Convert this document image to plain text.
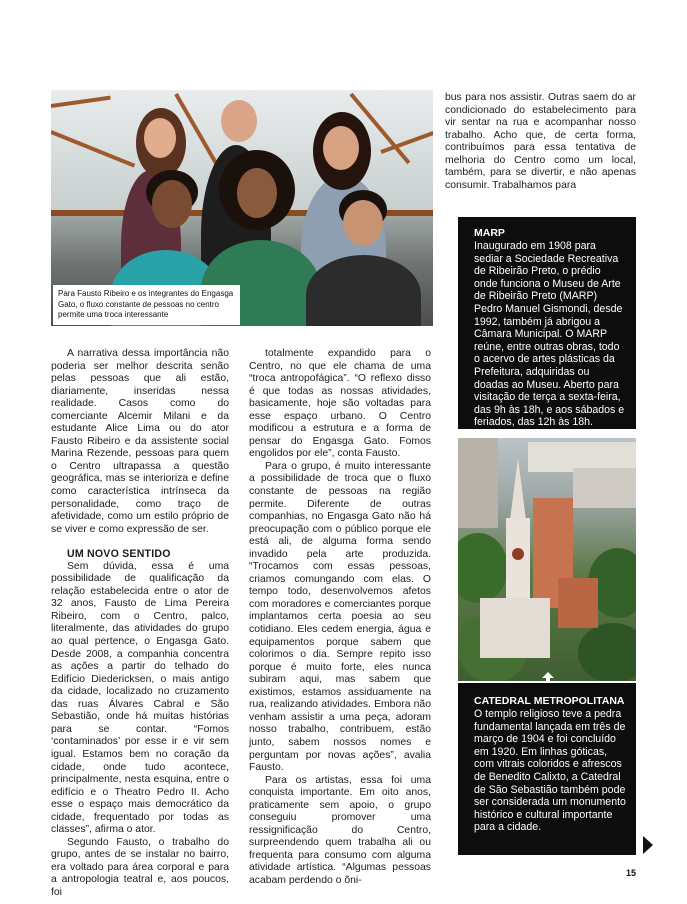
Para Fausto Ribeiro e os integrantes do Engasga Gato, o fluxo constante de pessoas no centro permite uma troca interessante

A narrativa dessa importância não poderia ser melhor descrita senão pelas pessoas que ali estão, diariamente, inseridas nessa realidade. Casos como do comerciante Alcemir Milani e da estudante Alice Lima ou do ator Fausto Ribeiro e da assistente social Marina Rezende, pessoas para quem o Centro ultrapassa a questão geográfica, mas se interioriza e define como característica intrínseca da personalidade, como traço de afetividade, como um estilo próprio de se viver e como expressão de ser.

UM NOVO SENTIDO

Sem dúvida, essa é uma possibilidade de qualificação da relação estabelecida entre o ator de 32 anos, Fausto de Lima Pereira Ribeiro, com o Centro, palco, literalmente, das atividades do grupo ao qual pertence, o Engasga Gato. Desde 2008, a companhia concentra as ações a partir do telhado do Edifício Diedericksen, o mais antigo da cidade, localizado no cruzamento das ruas Álvares Cabral e São Sebastião, onde há muitas histórias para se contar. “Fomos ‘contaminados’ por esse ir e vir sem igual. Estamos bem no coração da cidade, onde tudo acontece, principalmente, nesta esquina, entre o edifício e o Theatro Pedro II. Acho esse o espaço mais democrático da cidade, frequentado por todas as classes”, afirma o ator.

Segundo Fausto, o trabalho do grupo, antes de se instalar no bairro, era voltado para área corporal e para a antropologia teatral e, aos poucos, foi

totalmente expandido para o Centro, no que ele chama de uma “troca antropofágica”. “O reflexo disso é que todas as nossas atividades, basicamente, hoje são voltadas para esse espaço urbano. O Centro modificou a estrutura e a forma de pensar do Engasga Gato. Fomos engolidos por ele”, conta Fausto.

Para o grupo, é muito interessante a possibilidade de troca que o fluxo constante de pessoas na região permite. Diferente de outras companhias, no Engasga Gato não há preocupação com o público porque ele está ali, de alguma forma sendo invadido pela arte produzida. “Trocamos com essas pessoas, criamos comungando com elas. O tempo todo, desenvolvemos afetos com moradores e comerciantes porque implantamos certa poesia ao seu cotidiano. Eles cedem energia, água e equipamentos porque sabem que colorimos o dia. Sempre repito isso porque é muito forte, eles nunca subiram aqui, mas sabem que existimos, estamos assiduamente na rua, realizando atividades. Embora não venham assistir a uma peça, adoram nosso trabalho, contribuem, estão junto, sabem nossos nomes e perguntam por novas ações”, avalia Fausto.

Para os artistas, essa foi uma conquista importante. Em oito anos, praticamente sem apoio, o grupo conseguiu promover uma ressignificação do Centro, surpreendendo quem trabalha ali ou frequenta para consumo com alguma atividade artística. “Algumas pessoas acabam perdendo o õni-

bus para nos assistir. Outras saem do ar condicionado do estabelecimento para vir sentar na rua e acompanhar nosso trabalho. Acho que, de certa forma, contribuímos para essa tentativa de melhoria do Centro como um local, também, para se divertir, e não apenas consumir. Trabalhamos para

MARP
Inaugurado em 1908 para sediar a Sociedade Recreativa de Ribeirão Preto, o prédio onde funciona o Museu de Arte de Ribeirão Preto (MARP) Pedro Manuel Gismondi, desde 1992, também já abrigou a Câmara Municipal. O MARP reúne, entre outras obras, todo o acervo de artes plásticas da Prefeitura, adquiridas ou doadas ao Museu. Aberto para visitação de terça a sexta-feira, das 9h às 18h, e aos sábados e feriados, das 12h às 18h.
CATEDRAL METROPOLITANA
O templo religioso teve a pedra fundamental lançada em três de março de 1904 e foi concluído em 1920. Em linhas góticas, com vitrais coloridos e afrescos de Benedito Calixto, a Catedral de São Sebastião também pode ser considerada um monumento histórico e cultural importante para a cidade.
15
